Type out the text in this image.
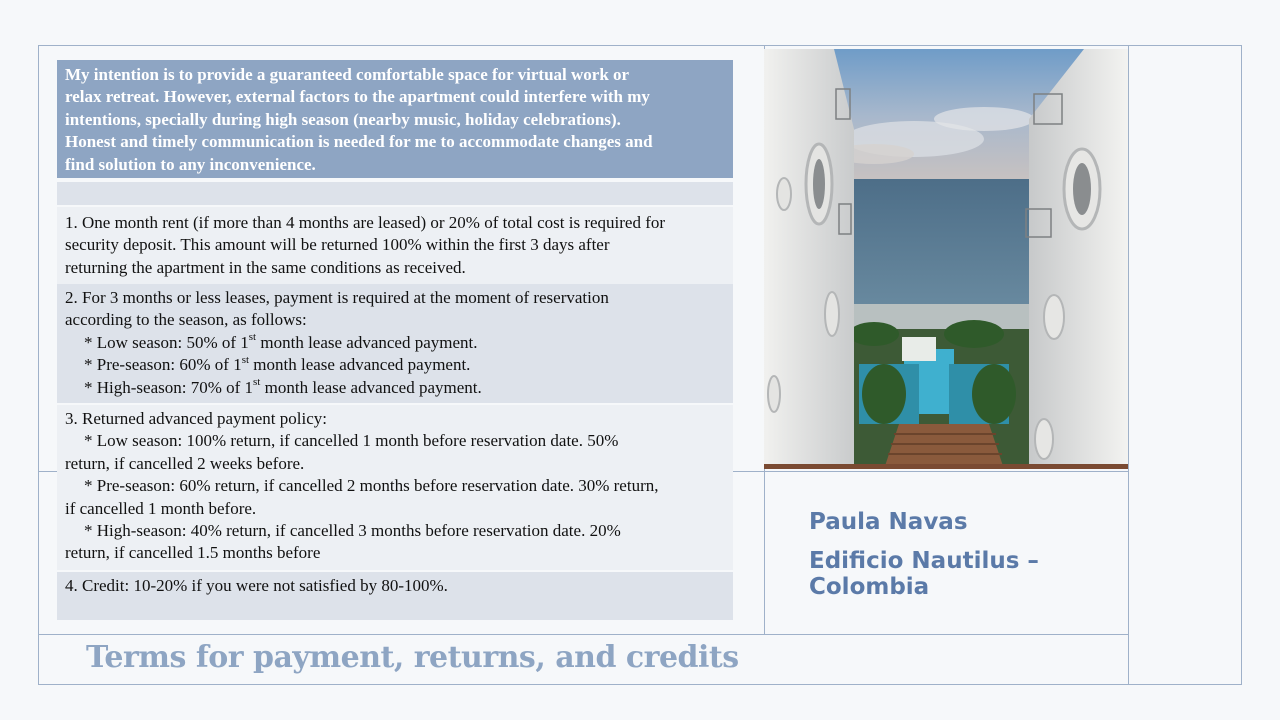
My intention is to provide a guaranteed comfortable space for virtual work or
relax retreat. However, external factors to the apartment could interfere with my
intentions, specially during high season (nearby music, holiday celebrations).
Honest and timely communication is needed for me to accommodate changes and
find solution to any inconvenience.
1. One month rent (if more than 4 months are leased) or 20% of total cost is required for
security deposit. This amount will be returned 100% within the first 3 days after
returning the apartment in the same conditions as received.
2. For 3 months or less leases, payment is required at the moment of reservation
according to the season, as follows:
* Low season: 50% of 1st month lease advanced payment.
* Pre-season: 60% of 1st month lease advanced payment.
* High-season: 70% of 1st month lease advanced payment.
3. Returned advanced payment policy:
* Low season: 100% return, if cancelled 1 month before reservation date. 50%
return, if cancelled 2 weeks before.
* Pre-season: 60% return, if cancelled 2 months before reservation date. 30% return,
if cancelled 1 month before.
* High-season: 40% return, if cancelled 3 months before reservation date. 20%
return, if cancelled 1.5 months before
4. Credit: 10-20% if you were not satisfied by 80-100%.
Paula Navas
Edificio Nautilus –
Colombia
Terms for payment, returns, and credits
